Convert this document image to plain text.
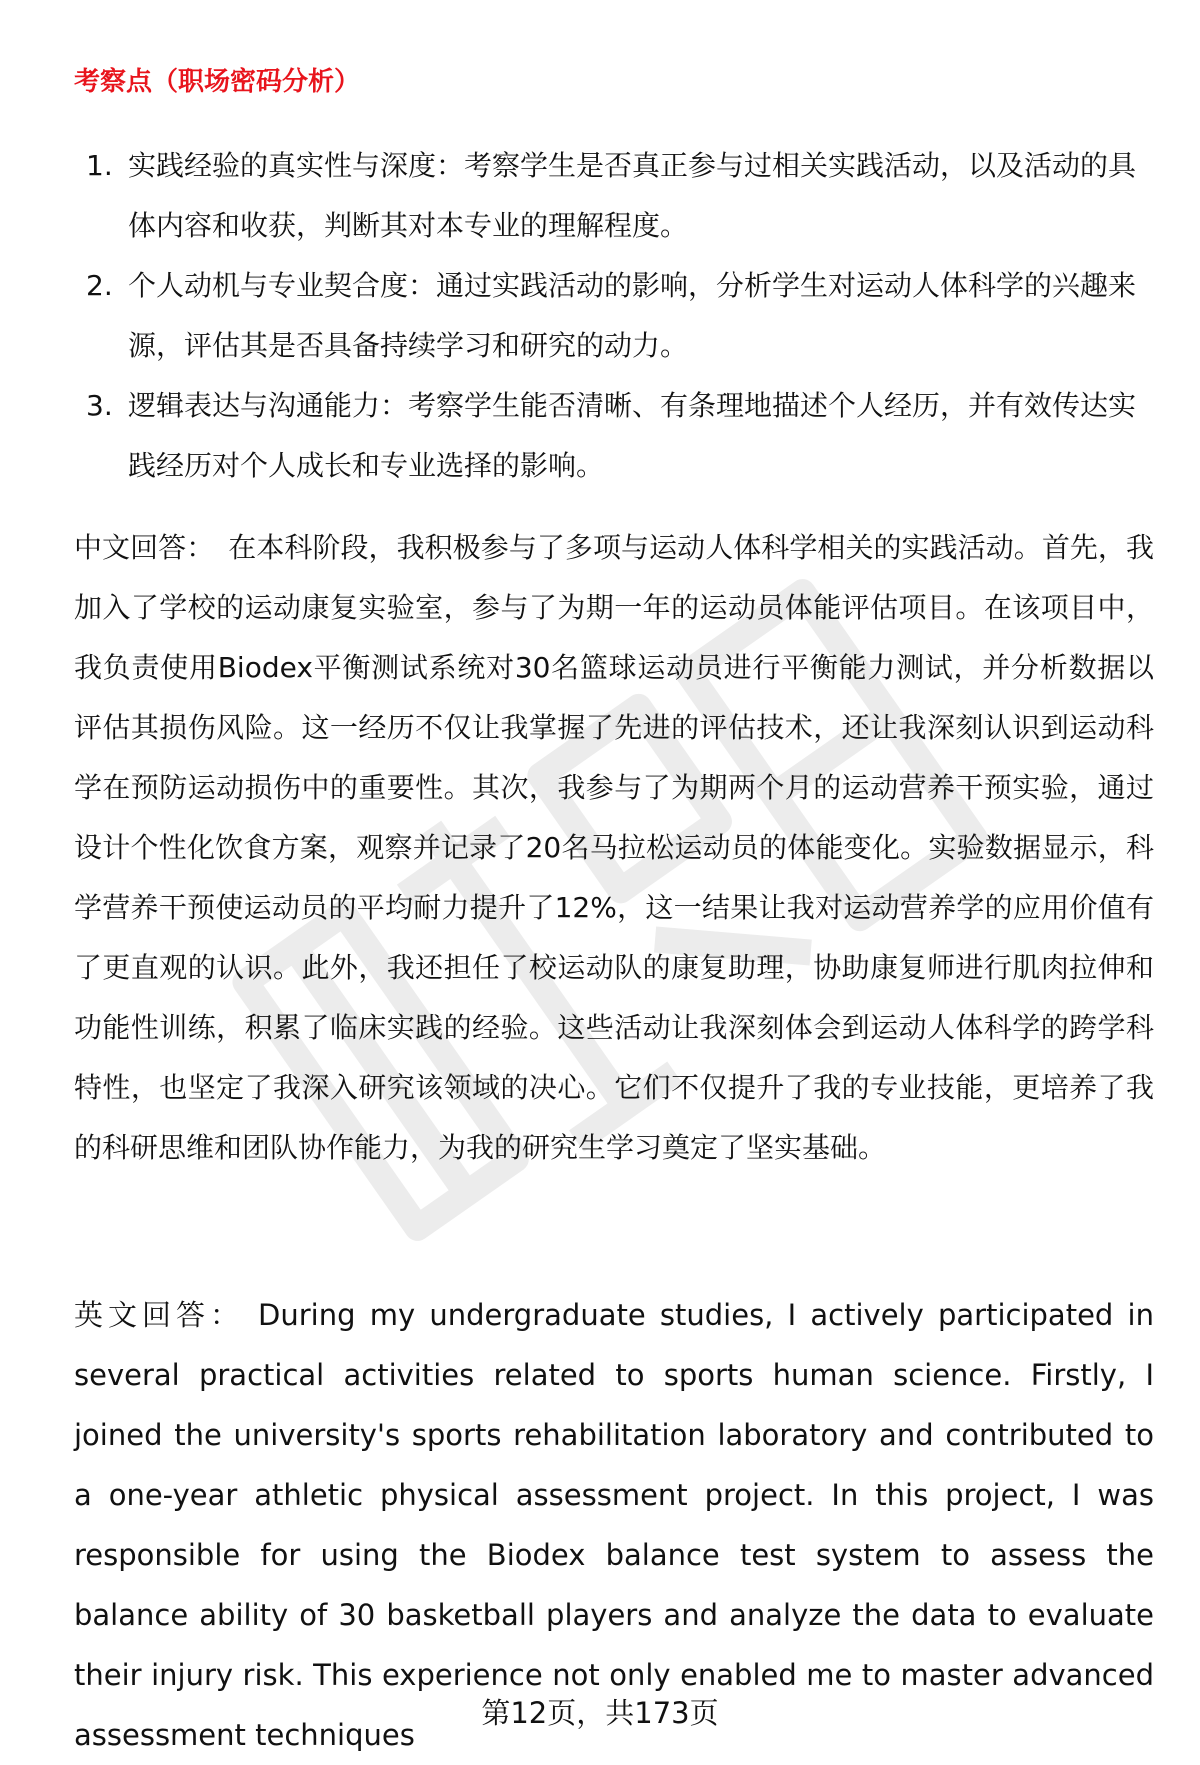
考察点（职场密码分析）
1. 实践经验的真实性与深度：考察学生是否真正参与过相关实践活动，以及活动的具体内容和收获，判断其对本专业的理解程度。
2. 个人动机与专业契合度：通过实践活动的影响，分析学生对运动人体科学的兴趣来源，评估其是否具备持续学习和研究的动力。
3. 逻辑表达与沟通能力：考察学生能否清晰、有条理地描述个人经历，并有效传达实践经历对个人成长和专业选择的影响。

中文回答： 在本科阶段，我积极参与了多项与运动人体科学相关的实践活动。首先，我加入了学校的运动康复实验室，参与了为期一年的运动员体能评估项目。在该项目中，我负责使用Biodex平衡测试系统对30名篮球运动员进行平衡能力测试，并分析数据以评估其损伤风险。这一经历不仅让我掌握了先进的评估技术，还让我深刻认识到运动科学在预防运动损伤中的重要性。其次，我参与了为期两个月的运动营养干预实验，通过设计个性化饮食方案，观察并记录了20名马拉松运动员的体能变化。实验数据显示，科学营养干预使运动员的平均耐力提升了12%，这一结果让我对运动营养学的应用价值有了更直观的认识。此外，我还担任了校运动队的康复助理，协助康复师进行肌肉拉伸和功能性训练，积累了临床实践的经验。这些活动让我深刻体会到运动人体科学的跨学科特性，也坚定了我深入研究该领域的决心。它们不仅提升了我的专业技能，更培养了我的科研思维和团队协作能力，为我的研究生学习奠定了坚实基础。

英文回答： During my undergraduate studies, I actively participated in several practical activities related to sports human science. Firstly, I joined the university's sports rehabilitation laboratory and contributed to a one-year athletic physical assessment project. In this project, I was responsible for using the Biodex balance test system to assess the balance ability of 30 basketball players and analyze the data to evaluate their injury risk. This experience not only enabled me to master advanced assessment techniques

第12页，共173页
